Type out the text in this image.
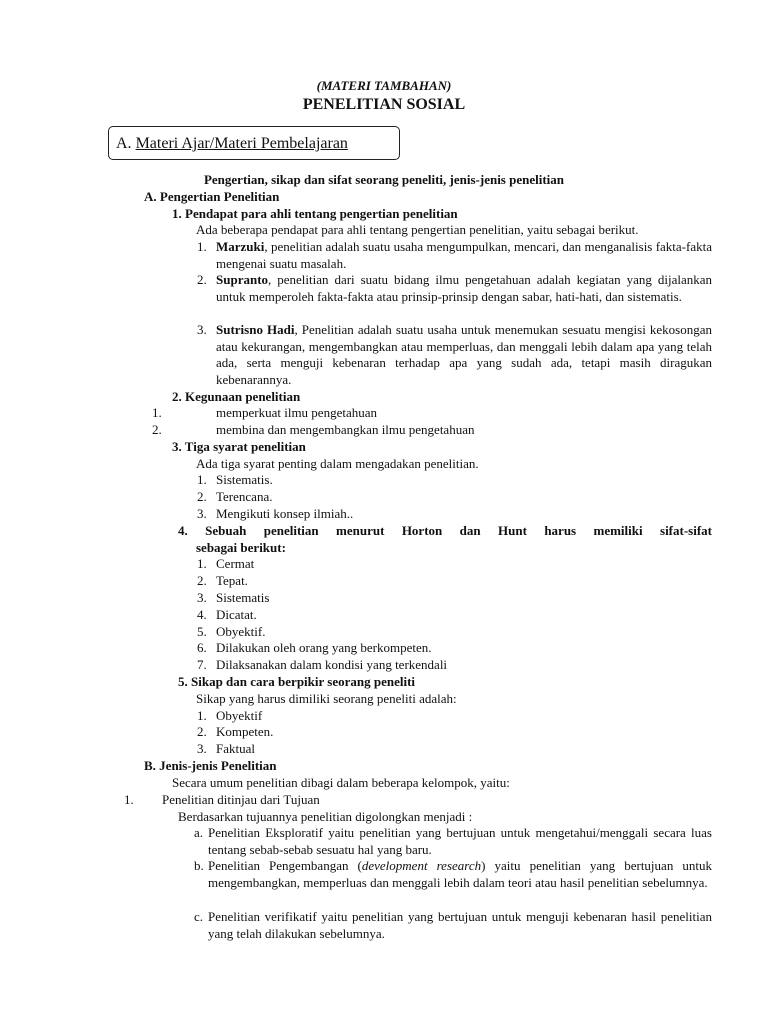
(MATERI TAMBAHAN)
PENELITIAN SOSIAL
A. Materi Ajar/Materi Pembelajaran
Pengertian, sikap dan sifat seorang peneliti, jenis-jenis penelitian
A. Pengertian Penelitian
1. Pendapat para ahli tentang pengertian penelitian
Ada beberapa pendapat para ahli tentang pengertian penelitian, yaitu sebagai berikut.
1. Marzuki, penelitian adalah suatu usaha mengumpulkan, mencari, dan menganalisis fakta-fakta mengenai suatu masalah.
2. Supranto, penelitian dari suatu bidang ilmu pengetahuan adalah kegiatan yang dijalankan untuk memperoleh fakta-fakta atau prinsip-prinsip dengan sabar, hati-hati, dan sistematis.
3. Sutrisno Hadi, Penelitian adalah suatu usaha untuk menemukan sesuatu mengisi kekosongan atau kekurangan, mengembangkan atau memperluas, dan menggali lebih dalam apa yang telah ada, serta menguji kebenaran terhadap apa yang sudah ada, tetapi masih diragukan kebenarannya.
2. Kegunaan penelitian
1.	memperkuat ilmu pengetahuan
2.	membina dan mengembangkan ilmu pengetahuan
3. Tiga syarat penelitian
Ada tiga syarat penting dalam mengadakan penelitian.
1. Sistematis.
2. Terencana.
3. Mengikuti konsep ilmiah..
4. Sebuah penelitian menurut Horton dan Hunt harus memiliki sifat-sifat
sebagai berikut:
1. Cermat
2. Tepat.
3. Sistematis
4. Dicatat.
5. Obyektif.
6. Dilakukan oleh orang yang berkompeten.
7. Dilaksanakan dalam kondisi yang terkendali
5. Sikap dan cara berpikir seorang peneliti
Sikap yang harus dimiliki seorang peneliti adalah:
1. Obyektif
2. Kompeten.
3. Faktual
B. Jenis-jenis Penelitian
Secara umum penelitian dibagi dalam beberapa kelompok, yaitu:
1. Penelitian ditinjau dari Tujuan
Berdasarkan tujuannya penelitian digolongkan menjadi :
a. Penelitian Eksploratif yaitu penelitian yang bertujuan untuk mengetahui/menggali secara luas tentang sebab-sebab sesuatu hal yang baru.
b. Penelitian Pengembangan (development research) yaitu penelitian yang bertujuan untuk mengembangkan, memperluas dan menggali lebih dalam teori atau hasil penelitian sebelumnya.
c. Penelitian verifikatif yaitu penelitian yang bertujuan untuk menguji kebenaran hasil penelitian yang telah dilakukan sebelumnya.
